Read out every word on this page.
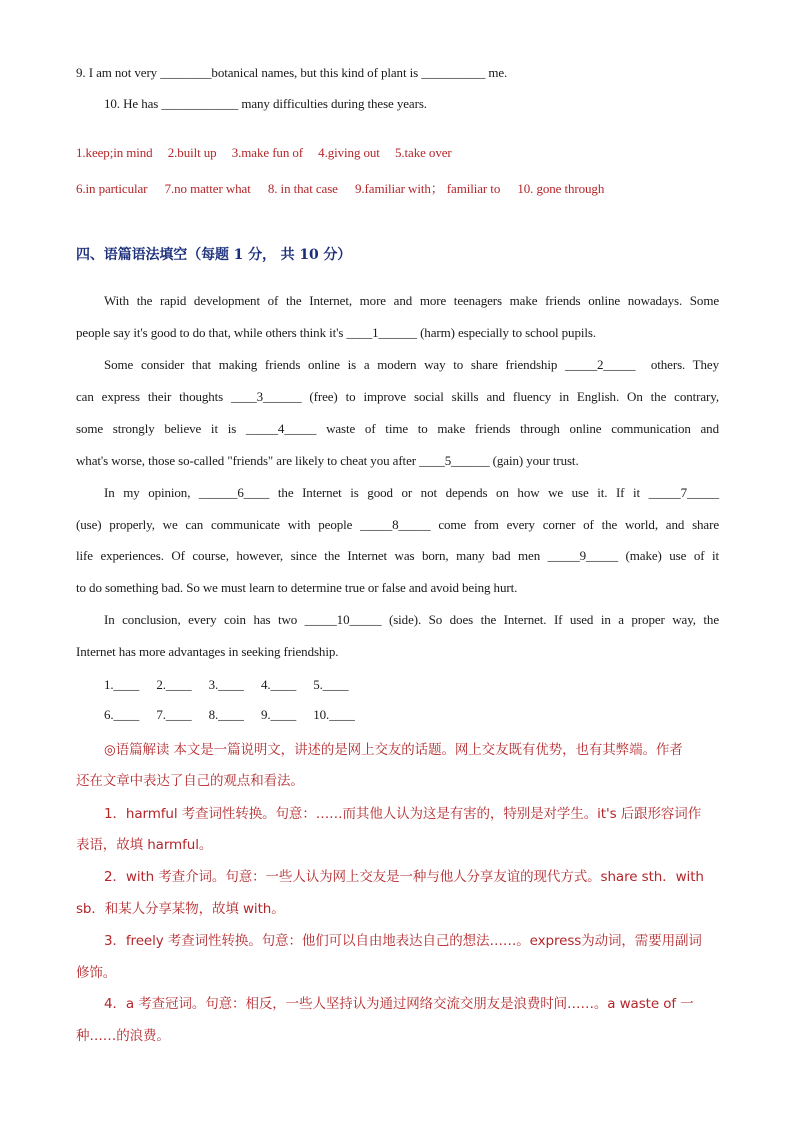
9. I am not very ________botanical names, but this kind of plant is __________ me.
10. He has ____________ many difficulties during these years.
1.keep;in mind 2.built up 3.make fun of 4.giving out 5.take over
6.in particular 7.no matter what 8. in that case 9.familiar with； familiar to 10. gone through
四、语篇语法填空（每题 1 分， 共 10 分）
With the rapid development of the Internet, more and more teenagers make friends online nowadays. Some
people say it's good to do that, while others think it's ____1______ (harm) especially to school pupils.
Some consider that making friends online is a modern way to share friendship _____2_____  others. They
can express their thoughts ____3______ (free) to improve social skills and fluency in English. On the contrary,
some strongly believe it is _____4_____ waste of time to make friends through online communication and
what's worse, those so-called "friends" are likely to cheat you after ____5______ (gain) your trust.
In my opinion, ______6____ the Internet is good or not depends on how we use it. If it _____7_____
(use) properly, we can communicate with people _____8_____ come from every corner of the world, and share
life experiences. Of course, however, since the Internet was born, many bad men _____9_____ (make) use of it
to do something bad. So we must learn to determine true or false and avoid being hurt.
In conclusion, every coin has two _____10_____ (side). So does the Internet. If used in a proper way, the
Internet has more advantages in seeking friendship.
1.____ 2.____ 3.____ 4.____ 5.____
6.____ 7.____ 8.____ 9.____ 10.____
◎语篇解读 本文是一篇说明文，讲述的是网上交友的话题。网上交友既有优势，也有其弊端。作者
还在文章中表达了自己的观点和看法。
1．harmful 考查词性转换。句意：……而其他人认为这是有害的，特别是对学生。it's 后跟形容词作
表语，故填 harmful。
2．with 考查介词。句意：一些人认为网上交友是一种与他人分享友谊的现代方式。share sth．with
sb．和某人分享某物，故填 with。
3．freely 考查词性转换。句意：他们可以自由地表达自己的想法……。express为动词，需要用副词
修饰。
4．a 考查冠词。句意：相反，一些人坚持认为通过网络交流交朋友是浪费时间……。a waste of 一
种……的浪费。
